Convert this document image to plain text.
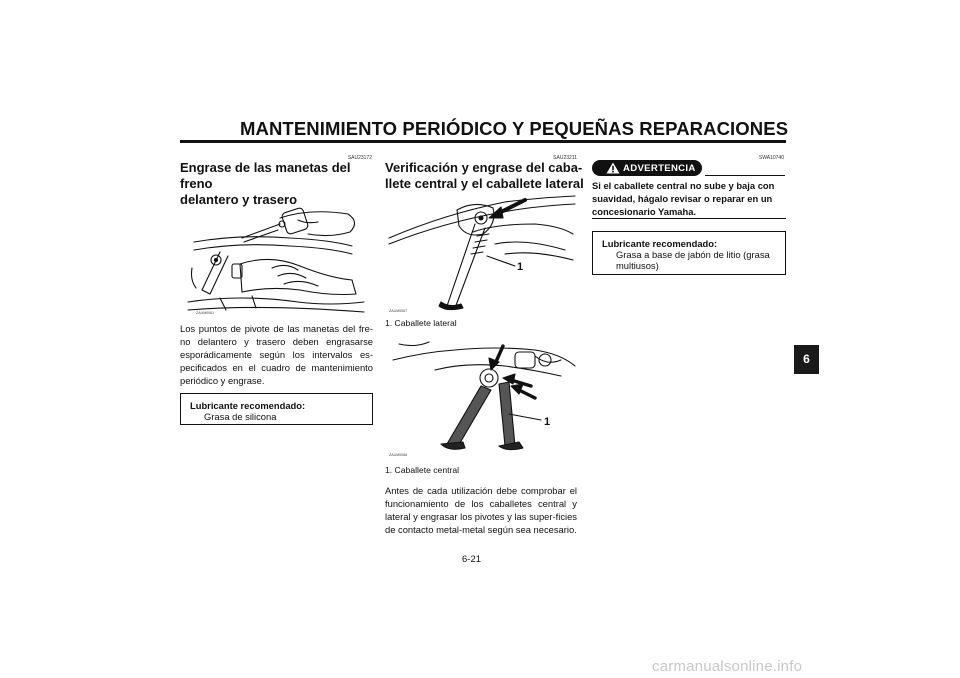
MANTENIMIENTO PERIÓDICO Y PEQUEÑAS REPARACIONES
SAU23172
Engrase de las manetas del freno
delantero y trasero
ZAUM0061
Los puntos de pivote de las manetas del fre-no delantero y trasero deben engrasarse esporádicamente según los intervalos es-pecificados en el cuadro de mantenimiento periódico y engrase.
Lubricante recomendado:
Grasa de silicona
SAU23211
Verificación y engrase del caba-
llete central y el caballete lateral
1
ZAUM0067
1. Caballete lateral
1
ZAUM0068
1. Caballete central
Antes de cada utilización debe comprobar el funcionamiento de los caballetes central y lateral y engrasar los pivotes y las super-ficies de contacto metal-metal según sea necesario.
SWA10740
ADVERTENCIA
Si el caballete central no sube y baja con suavidad, hágalo revisar o reparar en un concesionario Yamaha.
Lubricante recomendado:
Grasa a base de jabón de litio (grasa multiusos)
6
6-21
carmanualsonline.info
